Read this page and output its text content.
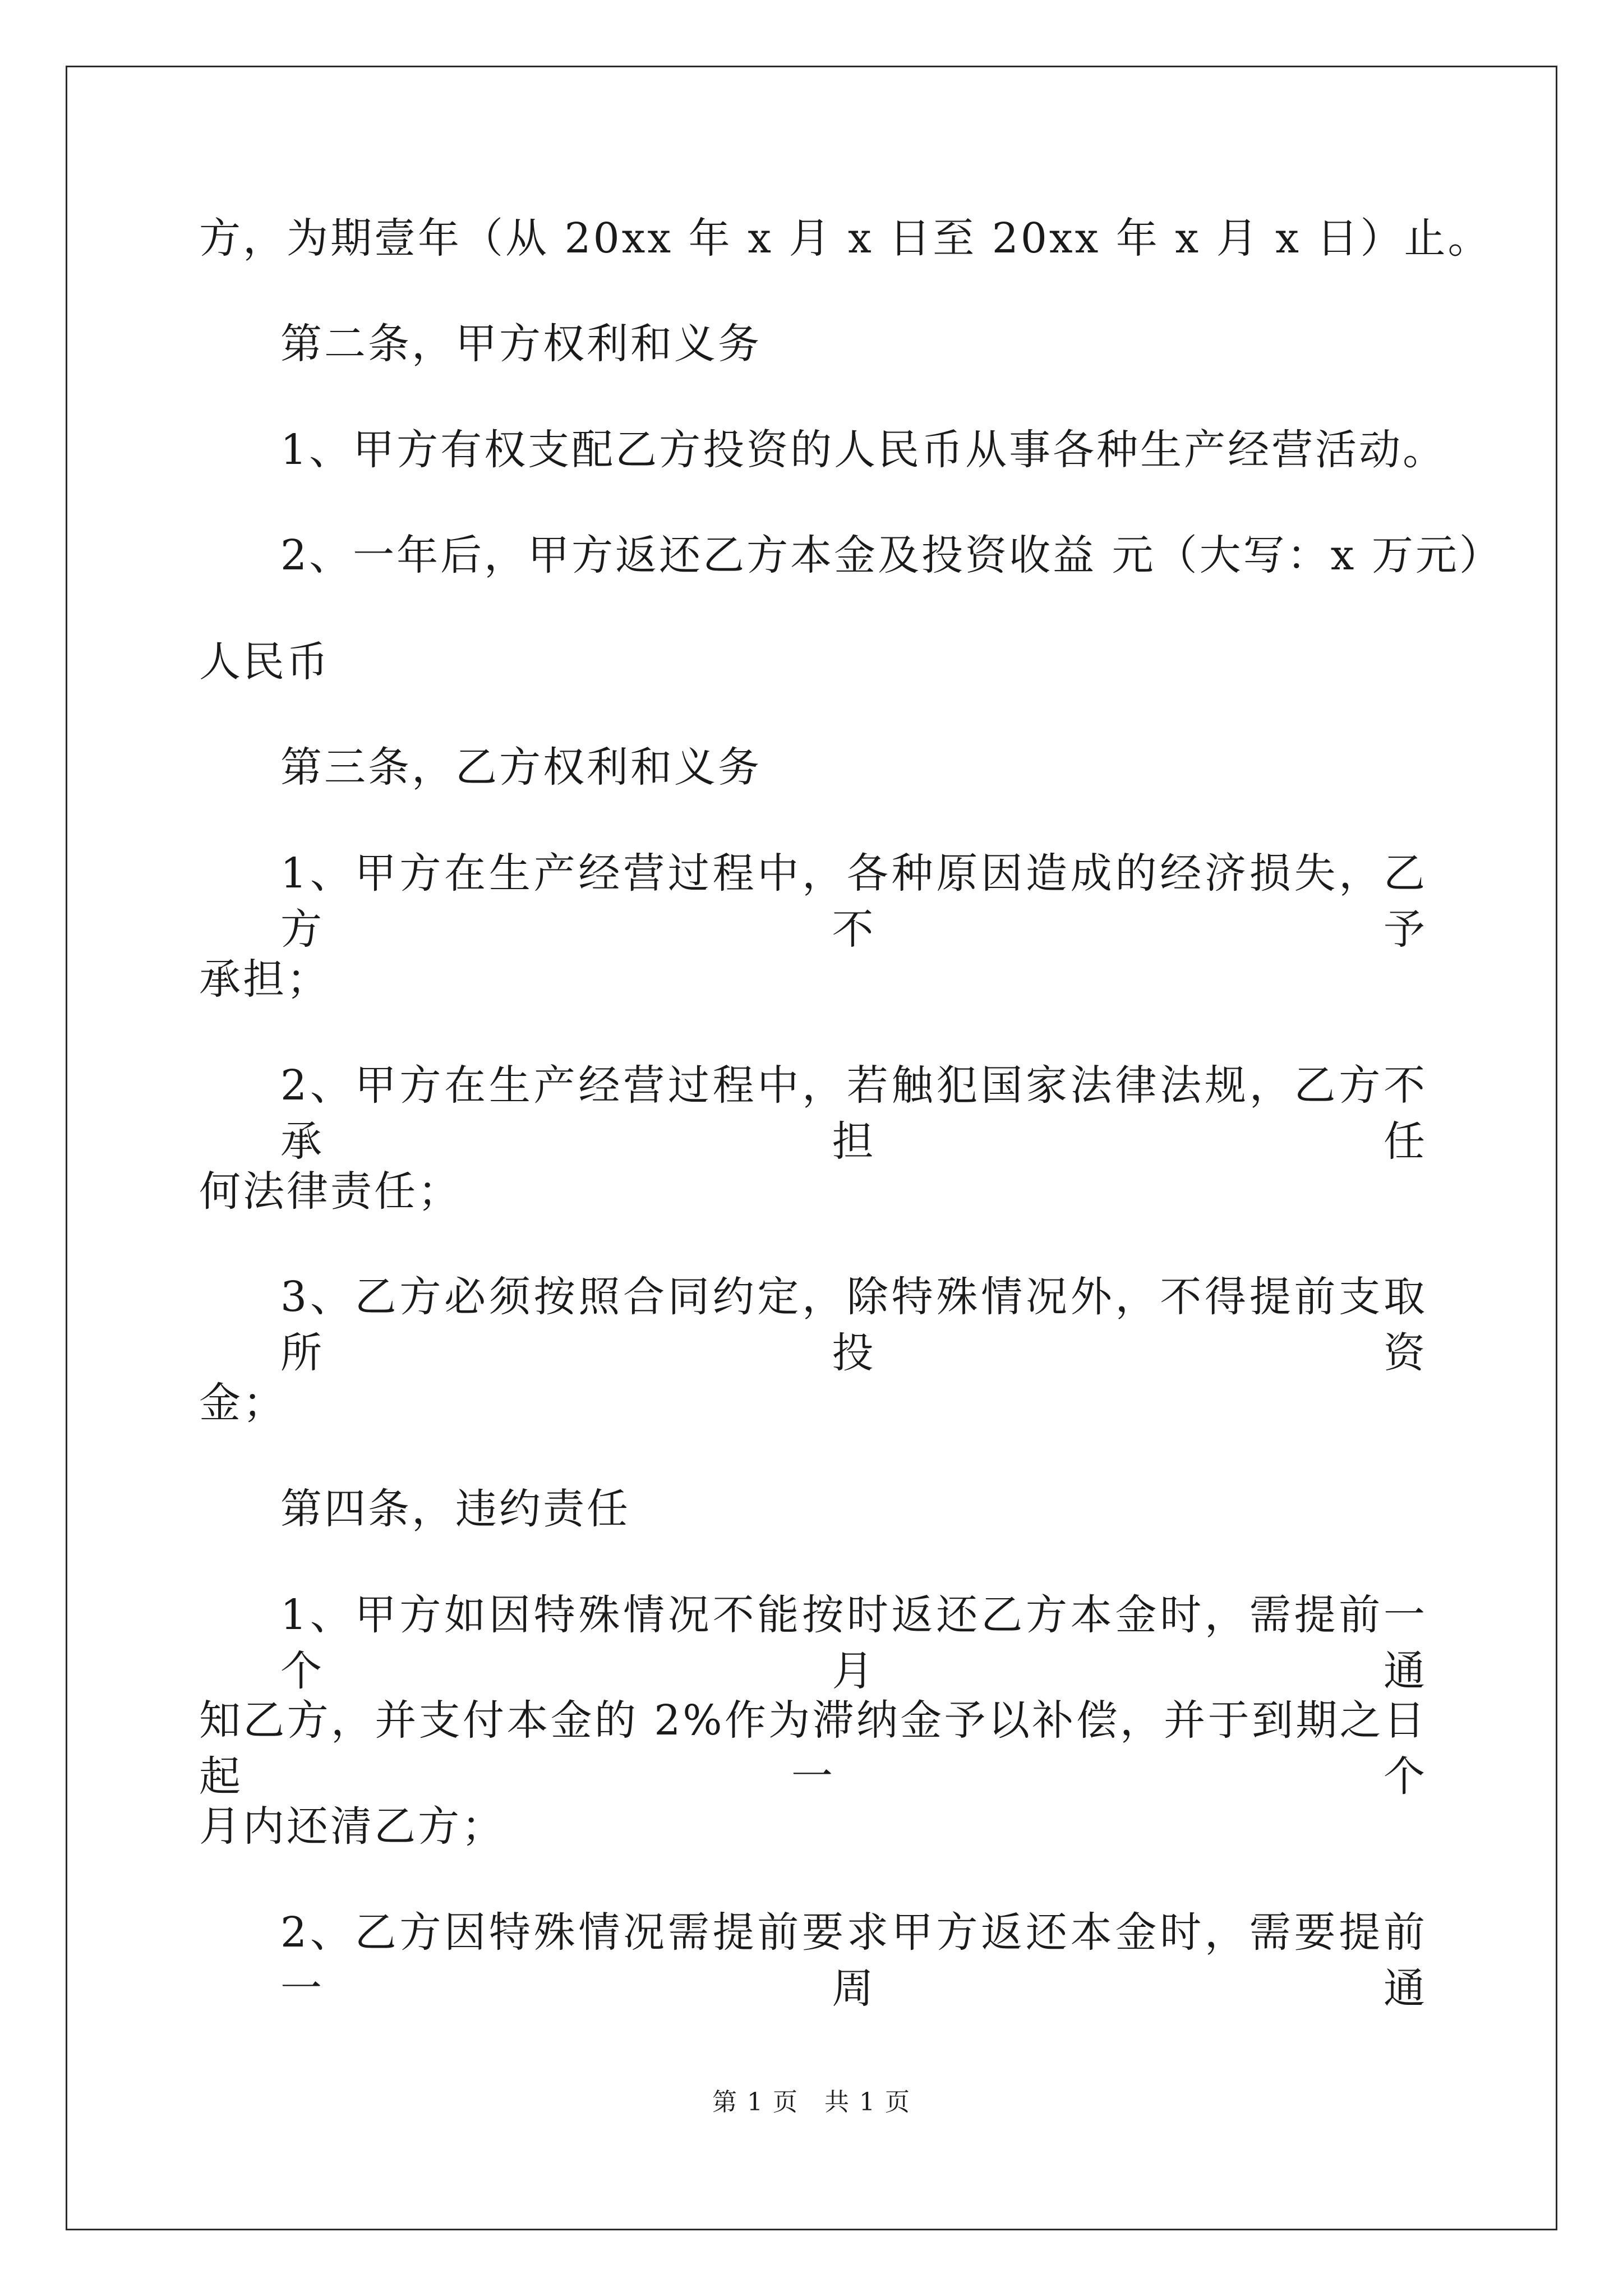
方，为期壹年（从 20xx 年 x 月 x 日至 20xx 年 x 月 x 日）止。
第二条，甲方权利和义务
1、甲方有权支配乙方投资的人民币从事各种生产经营活动。
2、一年后，甲方返还乙方本金及投资收益 元（大写：x 万元）
人民币
第三条，乙方权利和义务
1、甲方在生产经营过程中，各种原因造成的经济损失，乙方不予
承担；
2、甲方在生产经营过程中，若触犯国家法律法规，乙方不承担任
何法律责任；
3、乙方必须按照合同约定，除特殊情况外，不得提前支取所投资
金；
第四条，违约责任
1、甲方如因特殊情况不能按时返还乙方本金时，需提前一个月通
知乙方，并支付本金的 2%作为滞纳金予以补偿，并于到期之日起一个
月内还清乙方；
2、乙方因特殊情况需提前要求甲方返还本金时，需要提前一周通
第 1 页　共 1 页
